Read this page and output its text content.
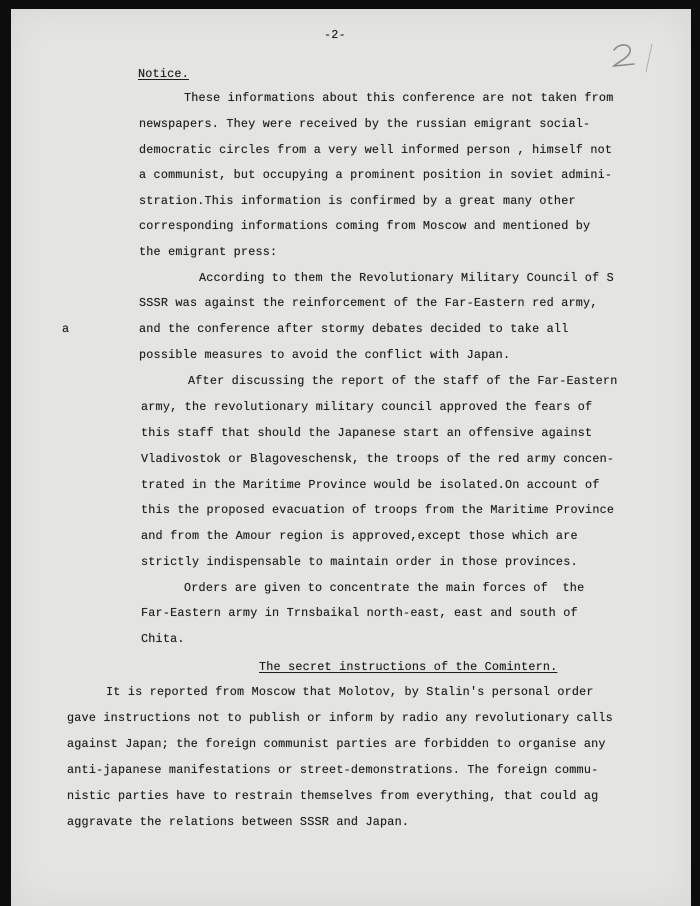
-2-

Notice.

These informations about this conference are not taken from

newspapers. They were received by the russian emigrant social-

democratic circles from a very well informed person , himself not

a communist, but occupying a prominent position in soviet admini-

stration.This information is confirmed by a great many other

corresponding informations coming from Moscow and mentioned by

the emigrant press:

According to them the Revolutionary Military Council of S

SSSR was against the reinforcement of the Far-Eastern red army,

a	and the conference after stormy debates decided to take all

possible measures to avoid the conflict with Japan.

After discussing the report of the staff of the Far-Eastern

army, the revolutionary military council approved the fears of

this staff that should the Japanese start an offensive against

Vladivostok or Blagoveschensk, the troops of the red army concen-

trated in the Maritime Province would be isolated.On account of

this the proposed evacuation of troops from the Maritime Province

and from the Amour region is approved,except those which are

strictly indispensable to maintain order in those provinces.

Orders are given to concentrate the main forces of  the

Far-Eastern army in Trnsbaikal north-east, east and south of

Chita.

The secret instructions of the Comintern.

It is reported from Moscow that Molotov, by Stalin's personal order

gave instructions not to publish or inform by radio any revolutionary calls

against Japan; the foreign communist parties are forbidden to organise any

anti-japanese manifestations or street-demonstrations. The foreign commu-

nistic parties have to restrain themselves from everything, that could ag

aggravate the relations between SSSR and Japan.
